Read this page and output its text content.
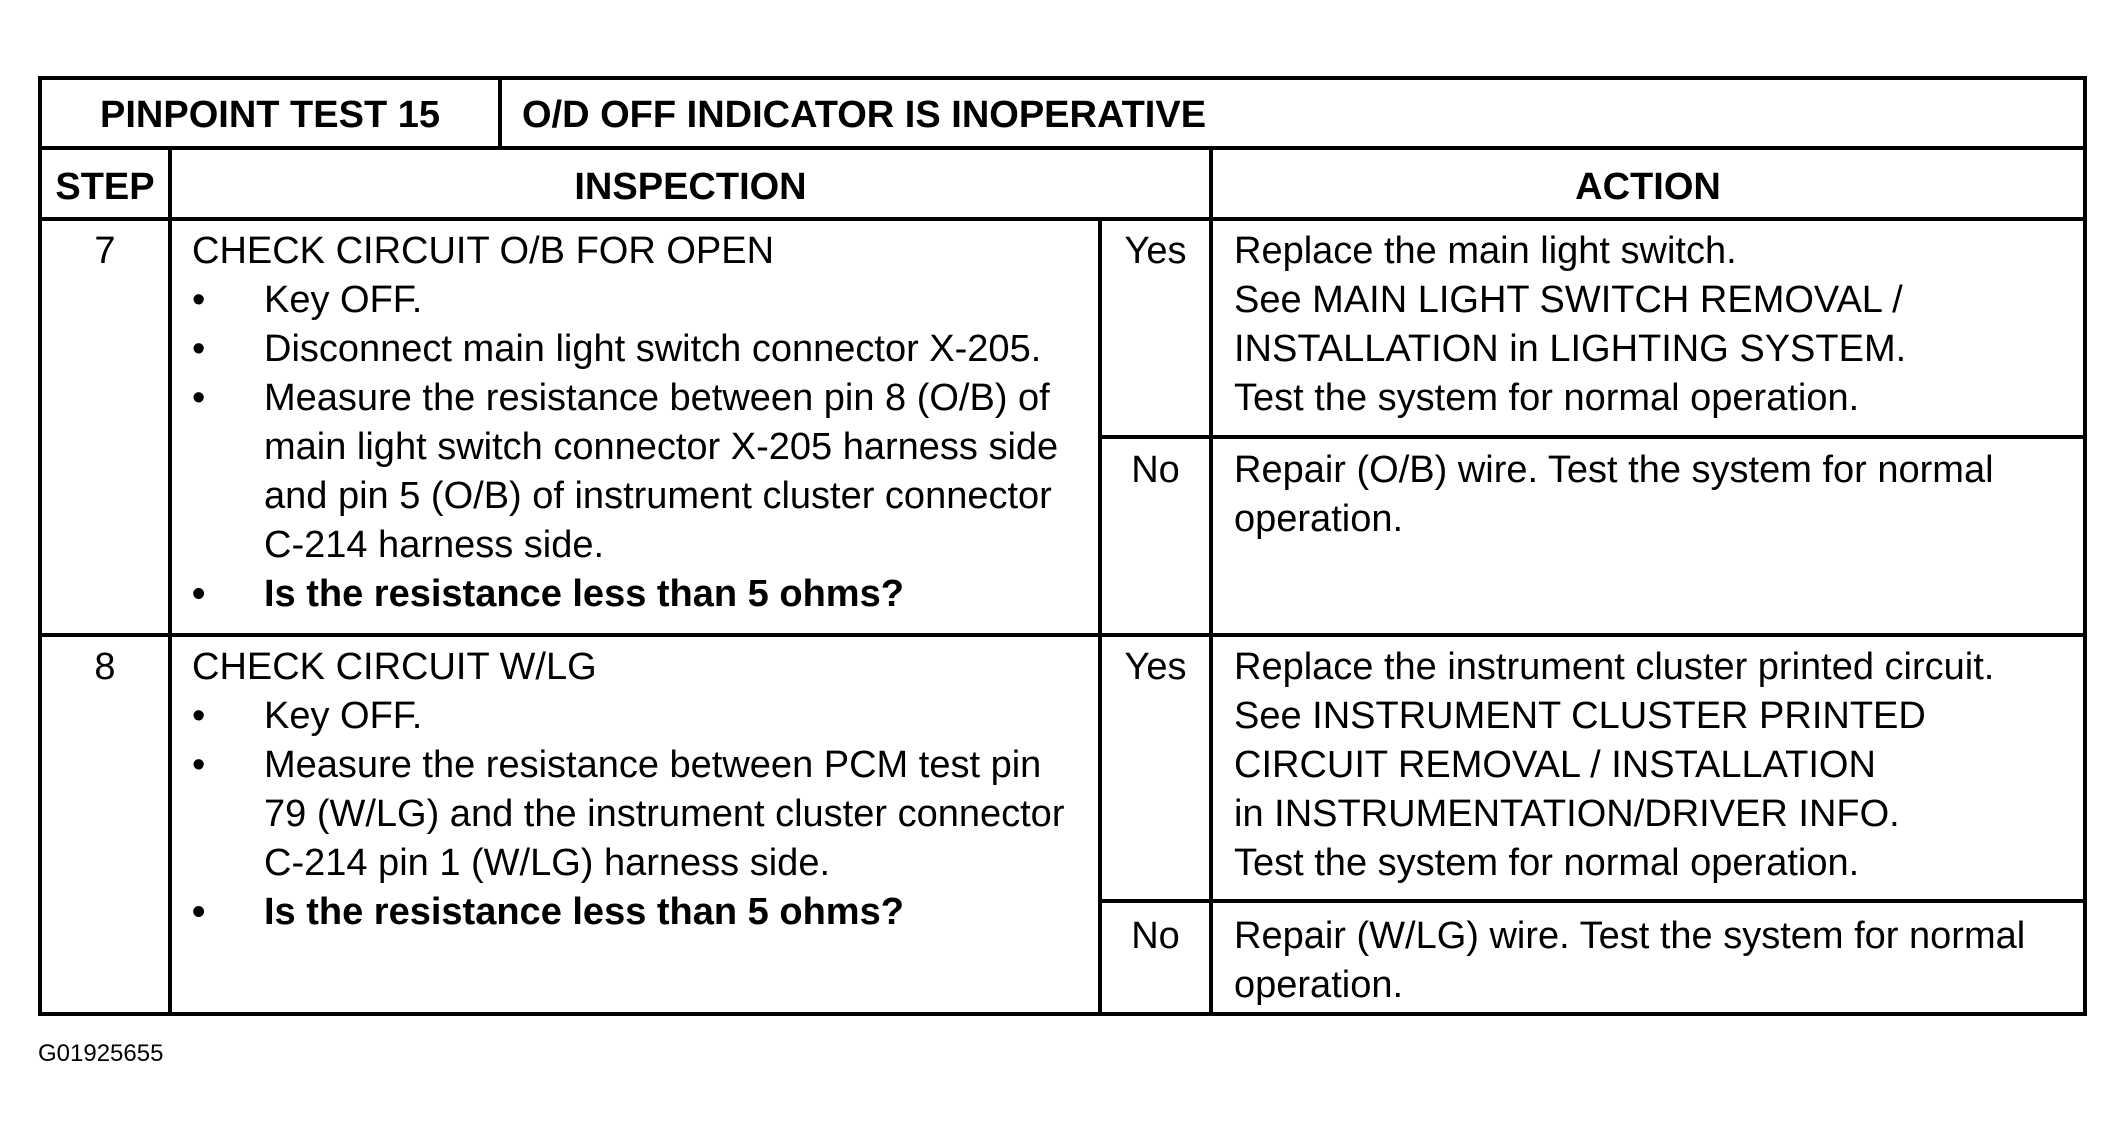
PINPOINT TEST 15	O/D OFF INDICATOR IS INOPERATIVE
STEP	INSPECTION	ACTION
7	CHECK CIRCUIT O/B FOR OPEN
• Key OFF.
• Disconnect main light switch connector X-205.
• Measure the resistance between pin 8 (O/B) of main light switch connector X-205 harness side and pin 5 (O/B) of instrument cluster connector C-214 harness side.
• Is the resistance less than 5 ohms?
Yes	Replace the main light switch.
See MAIN LIGHT SWITCH REMOVAL /
INSTALLATION in LIGHTING SYSTEM.
Test the system for normal operation.
No	Repair (O/B) wire. Test the system for normal
operation.
8	CHECK CIRCUIT W/LG
• Key OFF.
• Measure the resistance between PCM test pin 79 (W/LG) and the instrument cluster connector C-214 pin 1 (W/LG) harness side.
• Is the resistance less than 5 ohms?
Yes	Replace the instrument cluster printed circuit.
See INSTRUMENT CLUSTER PRINTED
CIRCUIT REMOVAL / INSTALLATION
in INSTRUMENTATION/DRIVER INFO.
Test the system for normal operation.
No	Repair (W/LG) wire. Test the system for normal
operation.
G01925655
